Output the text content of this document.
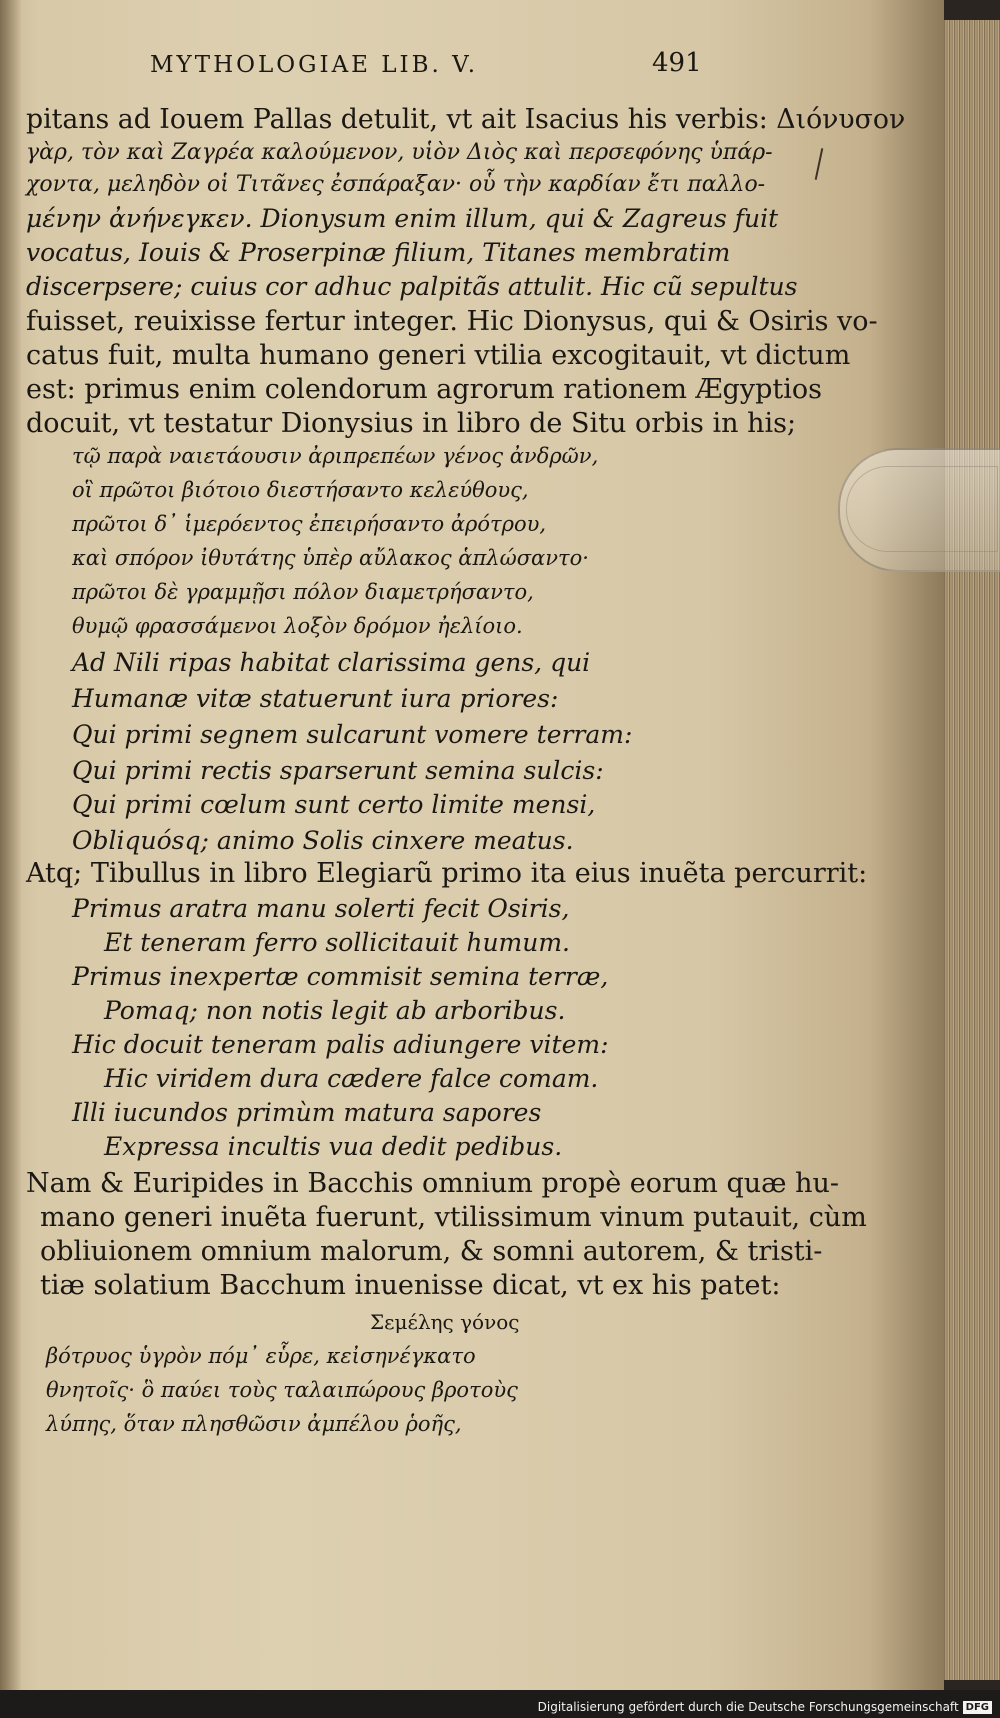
MYTHOLOGIAE LIB. V.	491
pitans ad Iouem Pallas detulit, vt ait Isacius his verbis: Διόνυσον
γὰρ, τὸν καὶ Ζαγρέα καλούμενον, υἱὸν Διὸς καὶ περσεφόνης ὑπάρ-
χοντα, μεληδὸν οἱ Τιτᾶνες ἐσπάραξαν· οὗ τὴν καρδίαν ἔτι παλλο-
μένην ἀνήνεγκεν. Dionysum enim illum, qui & Zagreus fuit
vocatus, Iouis & Proserpinæ filium, Titanes membratim
discerpsere; cuius cor adhuc palpitãs attulit. Hic cũ sepultus
fuisset, reuixisse fertur integer. Hic Dionysus, qui & Osiris vo-
catus fuit, multa humano generi vtilia excogitauit, vt dictum
est: primus enim colendorum agrorum rationem Ægyptios
docuit, vt testatur Dionysius in libro de Situ orbis in his;
τῷ παρὰ ναιετάουσιν ἀριπρεπέων γένος ἀνδρῶν,
οἳ πρῶτοι βιότοιο διεστήσαντο κελεύθους,
πρῶτοι δ᾽ ἱμερόεντος ἐπειρήσαντο ἀρότρου,
καὶ σπόρον ἰθυτάτης ὑπὲρ αὔλακος ἁπλώσαντο·
πρῶτοι δὲ γραμμῇσι πόλον διαμετρήσαντο,
θυμῷ φρασσάμενοι λοξὸν δρόμον ἠελίοιο.
Ad Nili ripas habitat clarissima gens, qui
Humanæ vitæ statuerunt iura priores:
Qui primi segnem sulcarunt vomere terram:
Qui primi rectis sparserunt semina sulcis:
Qui primi cœlum sunt certo limite mensi,
Obliquósq; animo Solis cinxere meatus.
Atq; Tibullus in libro Elegiarũ primo ita eius inuẽta percurrit:
Primus aratra manu solerti fecit Osiris,
Et teneram ferro sollicitauit humum.
Primus inexpertæ commisit semina terræ,
Pomaq; non notis legit ab arboribus.
Hic docuit teneram palis adiungere vitem:
Hic viridem dura cædere falce comam.
Illi iucundos primùm matura sapores
Expressa incultis vua dedit pedibus.
Nam & Euripides in Bacchis omnium propè eorum quæ hu-
mano generi inuẽta fuerunt, vtilissimum vinum putauit, cùm
obliuionem omnium malorum, & somni autorem, & tristi-
tiæ solatium Bacchum inuenisse dicat, vt ex his patet:
Σεμέλης γόνος
βότρυος ὑγρὸν πόμ᾽ εὗρε, κεἰσηνέγκατο
θνητοῖς· ὃ παύει τοὺς ταλαιπώρους βροτοὺς
λύπης, ὅταν πλησθῶσιν ἀμπέλου ῥοῆς,
Digitalisierung gefördert durch die Deutsche Forschungsgemeinschaft DFG
